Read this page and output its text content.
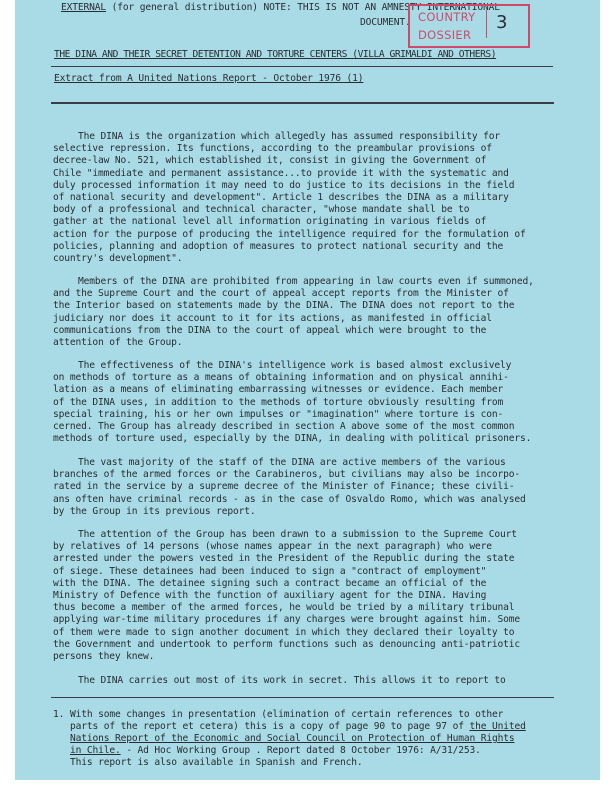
EXTERNAL (for general distribution) NOTE: THIS IS NOT AN AMNESTY INTERNATIONAL
DOCUMENT. COUNTRY
DOSSIER
3
THE DINA AND THEIR SECRET DETENTION AND TORTURE CENTERS (VILLA GRIMALDI AND OTHERS)
Extract from A United Nations Report - October 1976 (1)
The DINA is the organization which allegedly has assumed responsibility for
selective repression. Its functions, according to the preambular provisions of
decree-law No. 521, which established it, consist in giving the Government of
Chile "immediate and permanent assistance...to provide it with the systematic and
duly processed information it may need to do justice to its decisions in the field
of national security and development". Article 1 describes the DINA as a military
body of a professional and technical character, "whose mandate shall be to
gather at the national level all information originating in various fields of
action for the purpose of producing the intelligence required for the formulation of
policies, planning and adoption of measures to protect national security and the
country's development".
Members of the DINA are prohibited from appearing in law courts even if summoned,
and the Supreme Court and the court of appeal accept reports from the Minister of
the Interior based on statements made by the DINA. The DINA does not report to the
judiciary nor does it account to it for its actions, as manifested in official
communications from the DINA to the court of appeal which were brought to the
attention of the Group.
The effectiveness of the DINA's intelligence work is based almost exclusively
on methods of torture as a means of obtaining information and on physical annihi-
lation as a means of eliminating embarrassing witnesses or evidence. Each member
of the DINA uses, in addition to the methods of torture obviously resulting from
special training, his or her own impulses or "imagination" where torture is con-
cerned. The Group has already described in section A above some of the most common
methods of torture used, especially by the DINA, in dealing with political prisoners.
The vast majority of the staff of the DINA are active members of the various
branches of the armed forces or the Carabineros, but civilians may also be incorpo-
rated in the service by a supreme decree of the Minister of Finance; these civili-
ans often have criminal records - as in the case of Osvaldo Romo, which was analysed
by the Group in its previous report.
The attention of the Group has been drawn to a submission to the Supreme Court
by relatives of 14 persons (whose names appear in the next paragraph) who were
arrested under the powers vested in the President of the Republic during the state
of siege. These detainees had been induced to sign a "contract of employment"
with the DINA. The detainee signing such a contract became an official of the
Ministry of Defence with the function of auxiliary agent for the DINA. Having
thus become a member of the armed forces, he would be tried by a military tribunal
applying war-time military procedures if any charges were brought against him. Some
of them were made to sign another document in which they declared their loyalty to
the Government and undertook to perform functions such as denouncing anti-patriotic
persons they knew.
The DINA carries out most of its work in secret. This allows it to report to
1. With some changes in presentation (elimination of certain references to other
parts of the report et cetera) this is a copy of page 90 to page 97 of the United
Nations Report of the Economic and Social Council on Protection of Human Rights
in Chile. - Ad Hoc Working Group . Report dated 8 October 1976: A/31/253.
This report is also available in Spanish and French.
